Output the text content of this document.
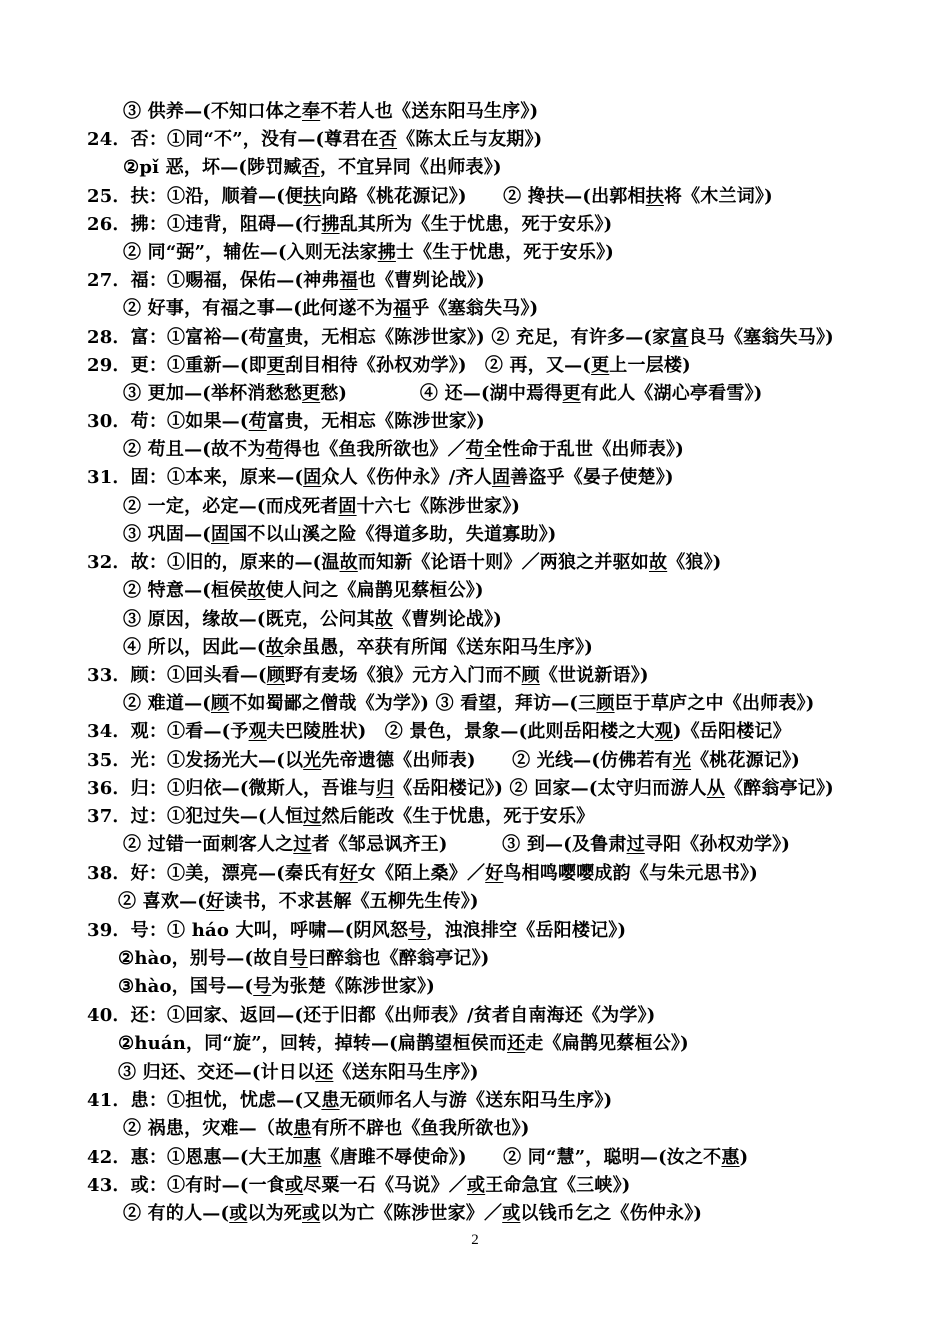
③ 供养—(不知口体之奉不若人也《送东阳马生序》)
24．否：①同“不”，没有—(尊君在否《陈太丘与友期》)
②pǐ 恶，坏—(陟罚臧否，不宜异同《出师表》)
25．扶：①沿，顺着—(便扶向路《桃花源记》)　　② 搀扶—(出郭相扶将《木兰词》)
26．拂：①违背，阻碍—(行拂乱其所为《生于忧患，死于安乐》)
② 同“弼”，辅佐—(入则无法家拂士《生于忧患，死于安乐》)
27．福：①赐福，保佑—(神弗福也《曹刿论战》)
② 好事，有福之事—(此何遂不为福乎《塞翁失马》)
28．富：①富裕—(苟富贵，无相忘《陈涉世家》) ② 充足，有许多—(家富良马《塞翁失马》)
29．更：①重新—(即更刮目相待《孙权劝学》)　② 再，又—(更上一层楼)
③ 更加—(举杯消愁愁更愁)　　　　④ 还—(湖中焉得更有此人《湖心亭看雪》)
30．苟：①如果—(苟富贵，无相忘《陈涉世家》)
② 苟且—(故不为苟得也《鱼我所欲也》／苟全性命于乱世《出师表》)
31．固：①本来，原来—(固众人《伤仲永》/齐人固善盗乎《晏子使楚》)
② 一定，必定—(而戍死者固十六七《陈涉世家》)
③ 巩固—(固国不以山溪之险《得道多助，失道寡助》)
32．故：①旧的，原来的—(温故而知新《论语十则》／两狼之并驱如故《狼》)
② 特意—(桓侯故使人问之《扁鹊见蔡桓公》)
③ 原因，缘故—(既克，公问其故《曹刿论战》)
④ 所以，因此—(故余虽愚，卒获有所闻《送东阳马生序》)
33．顾：①回头看—(顾野有麦场《狼》元方入门而不顾《世说新语》)
② 难道—(顾不如蜀鄙之僧哉《为学》) ③ 看望，拜访—(三顾臣于草庐之中《出师表》)
34．观：①看—(予观夫巴陵胜状)　② 景色，景象—(此则岳阳楼之大观)《岳阳楼记》
35．光：①发扬光大—(以光先帝遗德《出师表)　　② 光线—(仿佛若有光《桃花源记》)
36．归：①归依—(微斯人，吾谁与归《岳阳楼记》) ② 回家—(太守归而游人从《醉翁亭记》)
37．过：①犯过失—(人恒过然后能改《生于忧患，死于安乐》
② 过错一面刺客人之过者《邹忌讽齐王)　　　③ 到—(及鲁肃过寻阳《孙权劝学》)
38．好：①美，漂亮—(秦氏有好女《陌上桑》／好鸟相鸣嘤嘤成韵《与朱元思书》)
② 喜欢—(好读书，不求甚解《五柳先生传》)
39．号：① háo 大叫，呼啸—(阴风怒号，浊浪排空《岳阳楼记》)
②hào，别号—(故自号曰醉翁也《醉翁亭记》)
③hào，国号—(号为张楚《陈涉世家》)
40．还：①回家、返回—(还于旧都《出师表》/贫者自南海还《为学》)
②huán，同“旋”，回转，掉转—(扁鹊望桓侯而还走《扁鹊见蔡桓公》)
③ 归还、交还—(计日以还《送东阳马生序》)
41．患：①担忧，忧虑—(又患无硕师名人与游《送东阳马生序》)
② 祸患，灾难—（故患有所不辟也《鱼我所欲也》)
42．惠：①恩惠—(大王加惠《唐雎不辱使命》)　　② 同“慧”，聪明—(汝之不惠)
43．或：①有时—(一食或尽粟一石《马说》／或王命急宜《三峡》)
② 有的人—(或以为死或以为亡《陈涉世家》／或以钱币乞之《伤仲永》)
2
